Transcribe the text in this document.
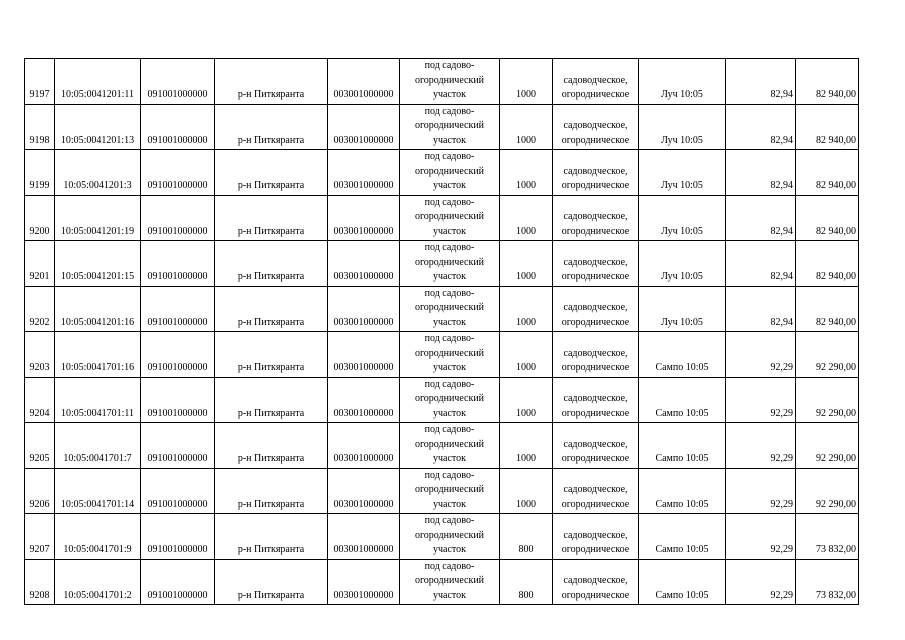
9197	10:05:0041201:11	091001000000	р-н Питкяранта	003001000000	под садово-
огороднический
участок	1000	садоводческое,
огородническое	Луч 10:05	82,94	82 940,00
9198	10:05:0041201:13	091001000000	р-н Питкяранта	003001000000	под садово-
огороднический
участок	1000	садоводческое,
огородническое	Луч 10:05	82,94	82 940,00
9199	10:05:0041201:3	091001000000	р-н Питкяранта	003001000000	под садово-
огороднический
участок	1000	садоводческое,
огородническое	Луч 10:05	82,94	82 940,00
9200	10:05:0041201:19	091001000000	р-н Питкяранта	003001000000	под садово-
огороднический
участок	1000	садоводческое,
огородническое	Луч 10:05	82,94	82 940,00
9201	10:05:0041201:15	091001000000	р-н Питкяранта	003001000000	под садово-
огороднический
участок	1000	садоводческое,
огородническое	Луч 10:05	82,94	82 940,00
9202	10:05:0041201:16	091001000000	р-н Питкяранта	003001000000	под садово-
огороднический
участок	1000	садоводческое,
огородническое	Луч 10:05	82,94	82 940,00
9203	10:05:0041701:16	091001000000	р-н Питкяранта	003001000000	под садово-
огороднический
участок	1000	садоводческое,
огородническое	Сампо 10:05	92,29	92 290,00
9204	10:05:0041701:11	091001000000	р-н Питкяранта	003001000000	под садово-
огороднический
участок	1000	садоводческое,
огородническое	Сампо 10:05	92,29	92 290,00
9205	10:05:0041701:7	091001000000	р-н Питкяранта	003001000000	под садово-
огороднический
участок	1000	садоводческое,
огородническое	Сампо 10:05	92,29	92 290,00
9206	10:05:0041701:14	091001000000	р-н Питкяранта	003001000000	под садово-
огороднический
участок	1000	садоводческое,
огородническое	Сампо 10:05	92,29	92 290,00
9207	10:05:0041701:9	091001000000	р-н Питкяранта	003001000000	под садово-
огороднический
участок	800	садоводческое,
огородническое	Сампо 10:05	92,29	73 832,00
9208	10:05:0041701:2	091001000000	р-н Питкяранта	003001000000	под садово-
огороднический
участок	800	садоводческое,
огородническое	Сампо 10:05	92,29	73 832,00
